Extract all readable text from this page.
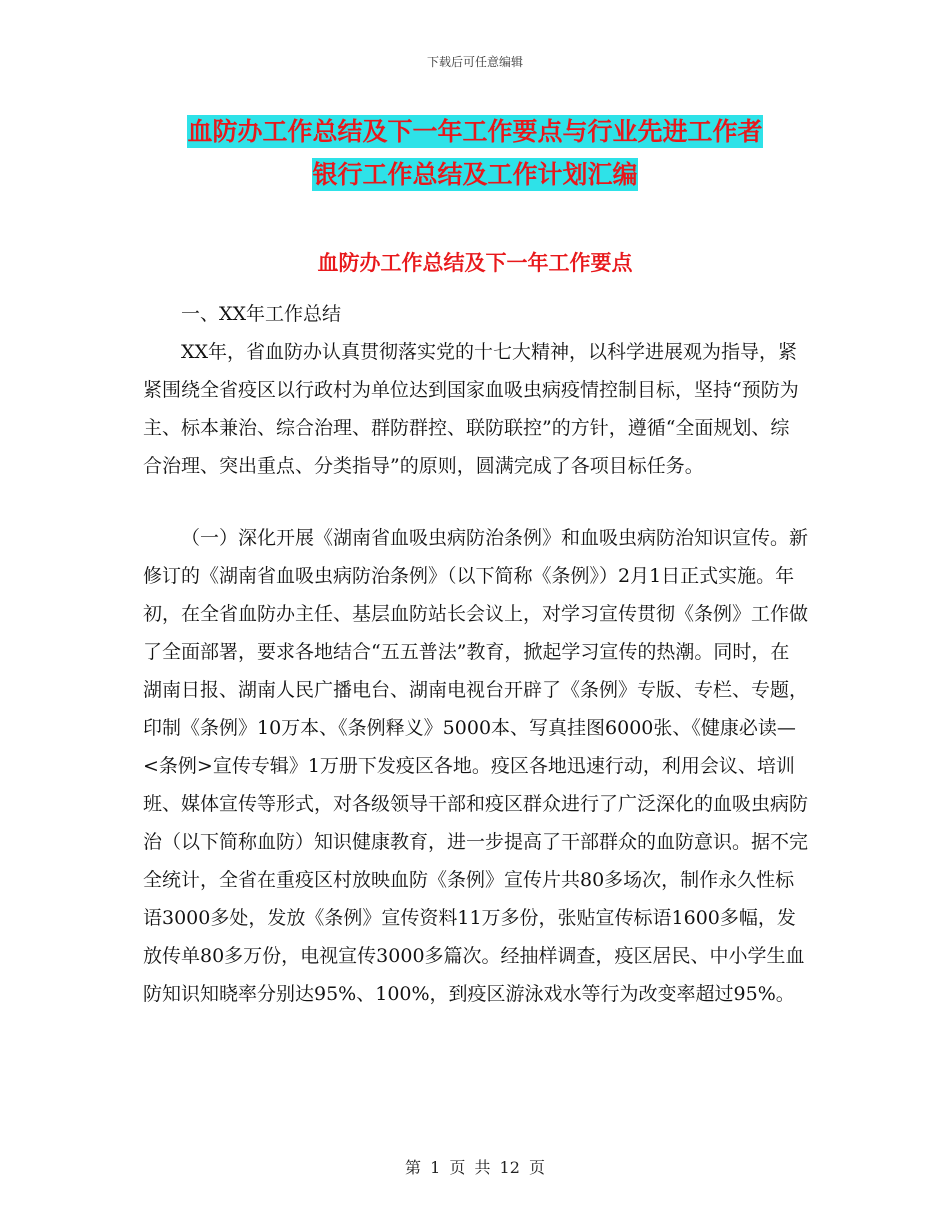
下载后可任意编辑
血防办工作总结及下一年工作要点与行业先进工作者
银行工作总结及工作计划汇编
血防办工作总结及下一年工作要点

一、XX年工作总结

XX年，省血防办认真贯彻落实党的十七大精神，以科学进展观为指导，紧紧围绕全省疫区以行政村为单位达到国家血吸虫病疫情控制目标，坚持“预防为主、标本兼治、综合治理、群防群控、联防联控”的方针，遵循“全面规划、综合治理、突出重点、分类指导”的原则，圆满完成了各项目标任务。

（一）深化开展《湖南省血吸虫病防治条例》和血吸虫病防治知识宣传。新修订的《湖南省血吸虫病防治条例》（以下简称《条例》）2月1日正式实施。年初，在全省血防办主任、基层血防站长会议上，对学习宣传贯彻《条例》工作做了全面部署，要求各地结合“五五普法”教育，掀起学习宣传的热潮。同时，在湖南日报、湖南人民广播电台、湖南电视台开辟了《条例》专版、专栏、专题，印制《条例》10万本、《条例释义》5000本、写真挂图6000张、《健康必读—<条例>宣传专辑》1万册下发疫区各地。疫区各地迅速行动，利用会议、培训班、媒体宣传等形式，对各级领导干部和疫区群众进行了广泛深化的血吸虫病防治（以下简称血防）知识健康教育，进一步提高了干部群众的血防意识。据不完全统计，全省在重疫区村放映血防《条例》宣传片共80多场次，制作永久性标语3000多处，发放《条例》宣传资料11万多份，张贴宣传标语1600多幅，发放传单80多万份，电视宣传3000多篇次。经抽样调查，疫区居民、中小学生血防知识知晓率分别达95%、100%，到疫区游泳戏水等行为改变率超过95%。

第 1 页 共 12 页
